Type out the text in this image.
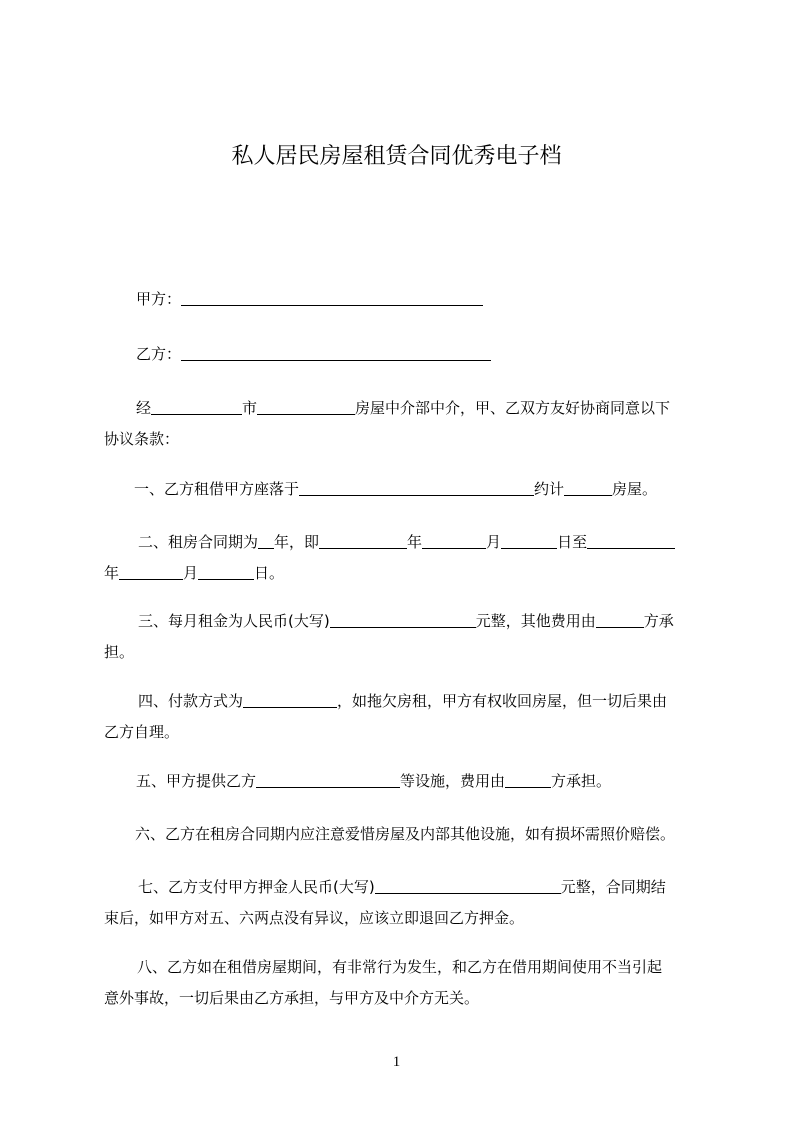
私人居民房屋租赁合同优秀电子档
甲方：
乙方：
经	市	房屋中介部中介，甲、乙双方友好协商同意以下
协议条款：
一、乙方租借甲方座落于	约计	房屋。
二、租房合同期为 年，即	年	月	日至
年	月	日。
三、每月租金为人民币(大写)	元整，其他费用由	方承
担。
四、付款方式为	，如拖欠房租，甲方有权收回房屋，但一切后果由
乙方自理。
五、甲方提供乙方	等设施，费用由	方承担。
六、乙方在租房合同期内应注意爱惜房屋及内部其他设施，如有损坏需照价赔偿。
七、乙方支付甲方押金人民币(大写)	元整，合同期结
束后，如甲方对五、六两点没有异议，应该立即退回乙方押金。
八、乙方如在租借房屋期间，有非常行为发生，和乙方在借用期间使用不当引起
意外事故，一切后果由乙方承担，与甲方及中介方无关。
1
